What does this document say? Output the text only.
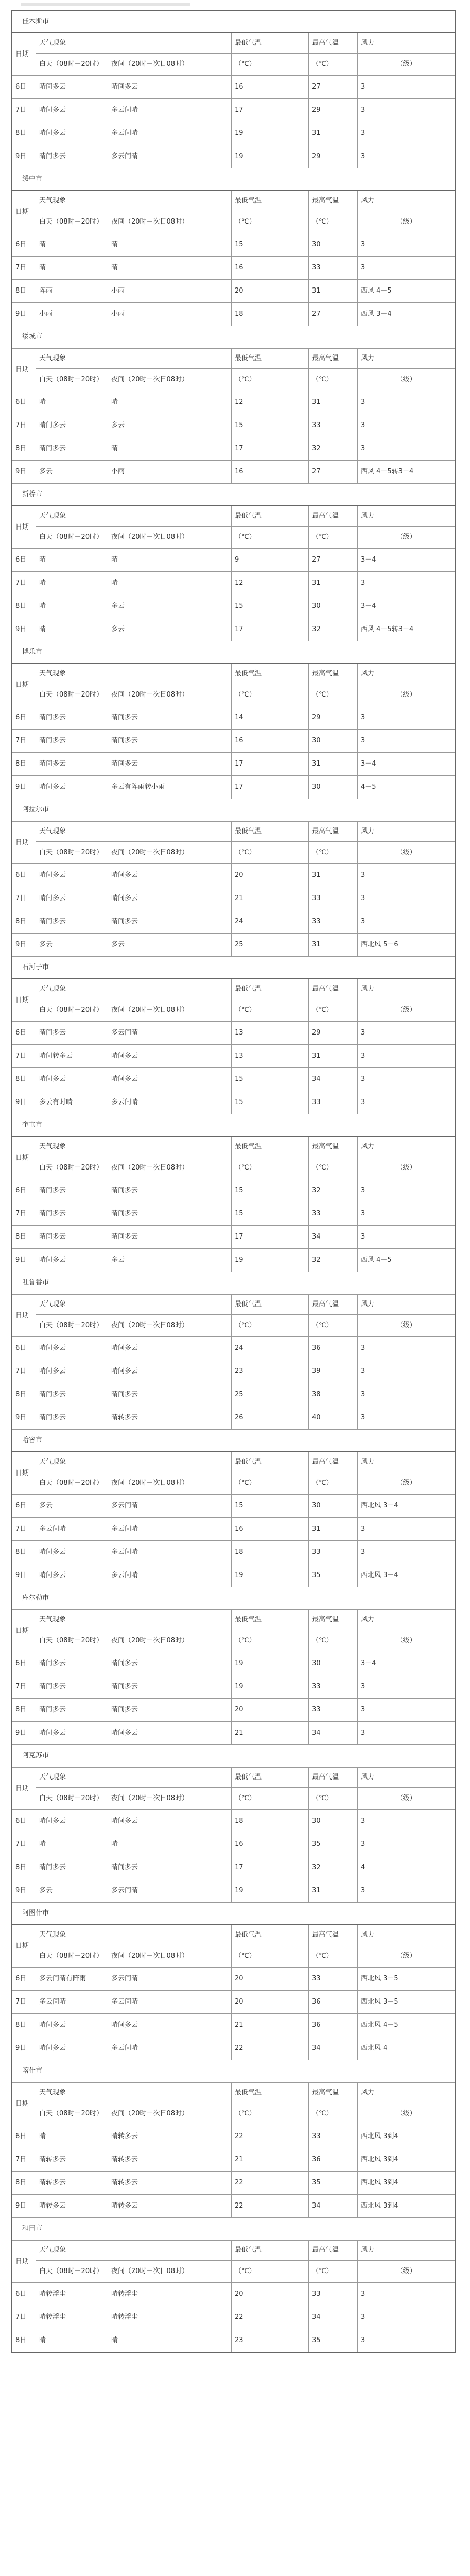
佳木斯市
日期	天气现象		最低气温	最高气温	风力
	白天（08时－20时）	夜间（20时－次日08时）			
			（℃）	（℃）	（级）
6日	晴间多云	晴间多云	16	27	3
7日	晴间多云	多云间晴	17	29	3
8日	晴间多云	多云间晴	19	31	3
9日	晴间多云	多云间晴	19	29	3
绥中市
日期	天气现象		最低气温	最高气温	风力
	白天（08时－20时）	夜间（20时－次日08时）			
			（℃）	（℃）	（级）
6日	晴	晴	15	30	3
7日	晴	晴	16	33	3
8日	阵雨	小雨	20	31	西风 4－5
9日	小雨	小雨	18	27	西风 3－4
绥城市
日期	天气现象		最低气温	最高气温	风力
	白天（08时－20时）	夜间（20时－次日08时）			
			（℃）	（℃）	（级）
6日	晴	晴	12	31	3
7日	晴间多云	多云	15	33	3
8日	晴间多云	晴	17	32	3
9日	多云	小雨	16	27	西风 4－5转3－4
新桥市
日期	天气现象		最低气温	最高气温	风力
	白天（08时－20时）	夜间（20时－次日08时）			
			（℃）	（℃）	（级）
6日	晴	晴	9	27	3－4
7日	晴	晴	12	31	3
8日	晴	多云	15	30	3－4
9日	晴	多云	17	32	西风 4－5转3－4
博乐市
日期	天气现象		最低气温	最高气温	风力
	白天（08时－20时）	夜间（20时－次日08时）			
			（℃）	（℃）	（级）
6日	晴间多云	晴间多云	14	29	3
7日	晴间多云	晴间多云	16	30	3
8日	晴间多云	晴间多云	17	31	3－4
9日	晴间多云	多云有阵雨转小雨	17	30	4－5
阿拉尔市
日期	天气现象		最低气温	最高气温	风力
	白天（08时－20时）	夜间（20时－次日08时）			
			（℃）	（℃）	（级）
6日	晴间多云	晴间多云	20	31	3
7日	晴间多云	晴间多云	21	33	3
8日	晴间多云	晴间多云	24	33	3
9日	多云	多云	25	31	西北风 5－6
石河子市
日期	天气现象		最低气温	最高气温	风力
	白天（08时－20时）	夜间（20时－次日08时）			
			（℃）	（℃）	（级）
6日	晴间多云	多云间晴	13	29	3
7日	晴间转多云	晴间多云	13	31	3
8日	晴间多云	晴间多云	15	34	3
9日	多云有时晴	多云间晴	15	33	3
奎屯市
日期	天气现象		最低气温	最高气温	风力
	白天（08时－20时）	夜间（20时－次日08时）			
			（℃）	（℃）	（级）
6日	晴间多云	晴间多云	15	32	3
7日	晴间多云	晴间多云	15	33	3
8日	晴间多云	晴间多云	17	34	3
9日	晴间多云	多云	19	32	西风 4－5
吐鲁番市
日期	天气现象		最低气温	最高气温	风力
	白天（08时－20时）	夜间（20时－次日08时）			
			（℃）	（℃）	（级）
6日	晴间多云	晴间多云	24	36	3
7日	晴间多云	晴间多云	23	39	3
8日	晴间多云	晴间多云	25	38	3
9日	晴间多云	晴转多云	26	40	3
哈密市
日期	天气现象		最低气温	最高气温	风力
	白天（08时－20时）	夜间（20时－次日08时）			
			（℃）	（℃）	（级）
6日	多云	多云间晴	15	30	西北风 3－4
7日	多云间晴	多云间晴	16	31	3
8日	晴间多云	多云间晴	18	33	3
9日	晴间多云	多云间晴	19	35	西北风 3－4
库尔勒市
日期	天气现象		最低气温	最高气温	风力
	白天（08时－20时）	夜间（20时－次日08时）			
			（℃）	（℃）	（级）
6日	晴间多云	晴间多云	19	30	3－4
7日	晴间多云	晴间多云	19	33	3
8日	晴间多云	晴间多云	20	33	3
9日	晴间多云	晴间多云	21	34	3
阿克苏市
日期	天气现象		最低气温	最高气温	风力
	白天（08时－20时）	夜间（20时－次日08时）			
			（℃）	（℃）	（级）
6日	晴间多云	晴间多云	18	30	3
7日	晴	晴	16	35	3
8日	晴间多云	晴间多云	17	32	4
9日	多云	多云间晴	19	31	3
阿图什市
日期	天气现象		最低气温	最高气温	风力
	白天（08时－20时）	夜间（20时－次日08时）			
			（℃）	（℃）	（级）
6日	多云间晴有阵雨	多云间晴	20	33	西北风 3－5
7日	多云间晴	多云间晴	20	36	西北风 3－5
8日	晴间多云	晴间多云	21	36	西北风 4－5
9日	晴间多云	多云间晴	22	34	西北风 4
喀什市
日期	天气现象		最低气温	最高气温	风力
	白天（08时－20时）	夜间（20时－次日08时）			
			（℃）	（℃）	（级）
6日	晴	晴转多云	22	33	西北风 3到4
7日	晴转多云	晴转多云	21	36	西北风 3到4
8日	晴转多云	晴转多云	22	35	西北风 3到4
9日	晴转多云	晴转多云	22	34	西北风 3到4
和田市
日期	天气现象		最低气温	最高气温	风力
	白天（08时－20时）	夜间（20时－次日08时）			
			（℃）	（℃）	（级）
6日	晴转浮尘	晴转浮尘	20	33	3
7日	晴转浮尘	晴转浮尘	22	34	3
8日	晴	晴	23	35	3
